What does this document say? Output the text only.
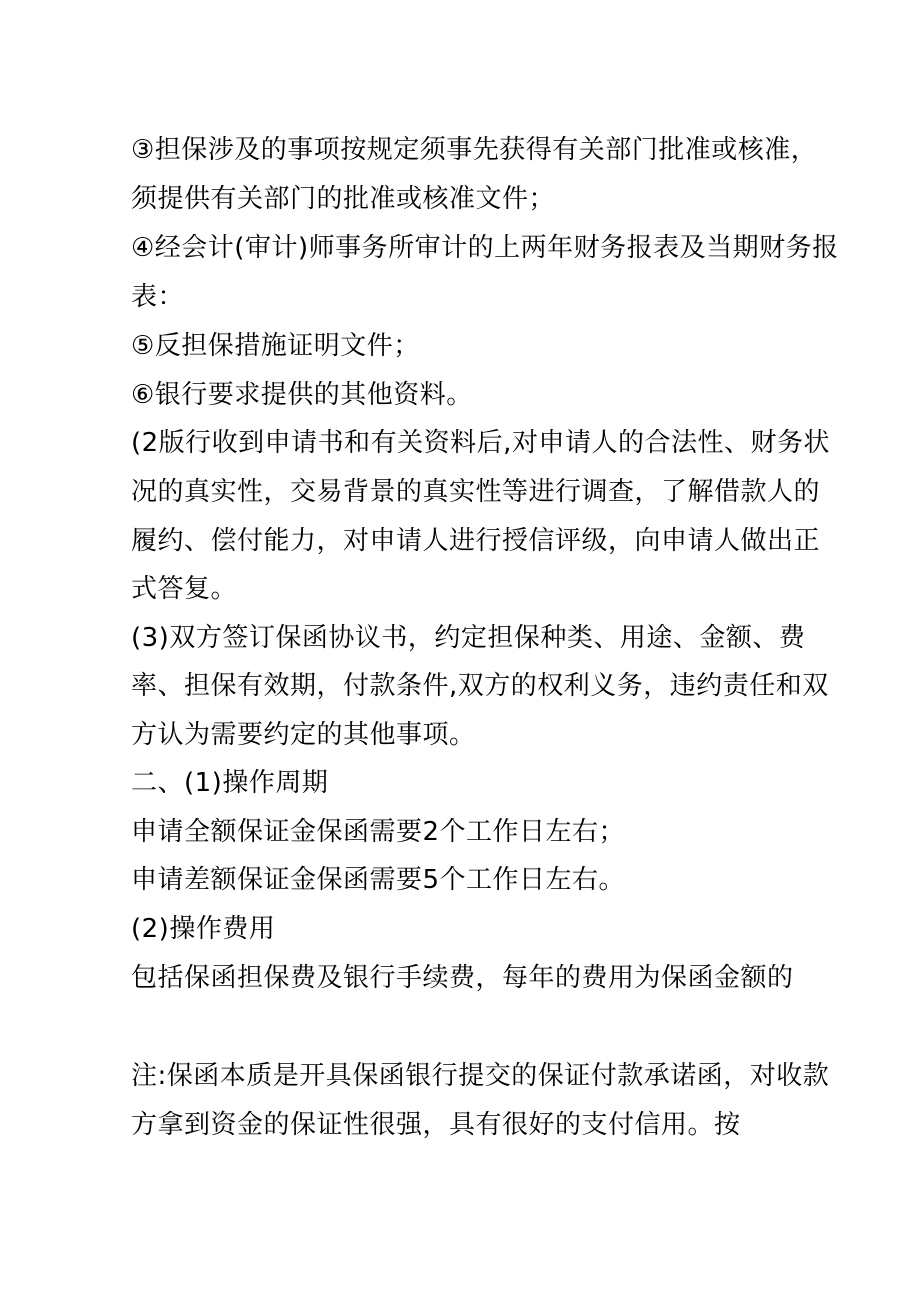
③担保涉及的事项按规定须事先获得有关部门批准或核准，
须提供有关部门的批准或核准文件；
④经会计(审计)师事务所审计的上两年财务报表及当期财务报
表：
⑤反担保措施证明文件；
⑥银行要求提供的其他资料。
(2版行收到申请书和有关资料后,对申请人的合法性、财务状
况的真实性，交易背景的真实性等进行调查，了解借款人的
履约、偿付能力，对申请人进行授信评级，向申请人做出正
式答复。
(3)双方签订保函协议书，约定担保种类、用途、金额、费
率、担保有效期，付款条件,双方的权利义务，违约责任和双
方认为需要约定的其他事项。
二、(1)操作周期
申请全额保证金保函需要2个工作日左右；
申请差额保证金保函需要5个工作日左右。
(2)操作费用
包括保函担保费及银行手续费，每年的费用为保函金额的
注:保函本质是开具保函银行提交的保证付款承诺函，对收款
方拿到资金的保证性很强，具有很好的支付信用。按
